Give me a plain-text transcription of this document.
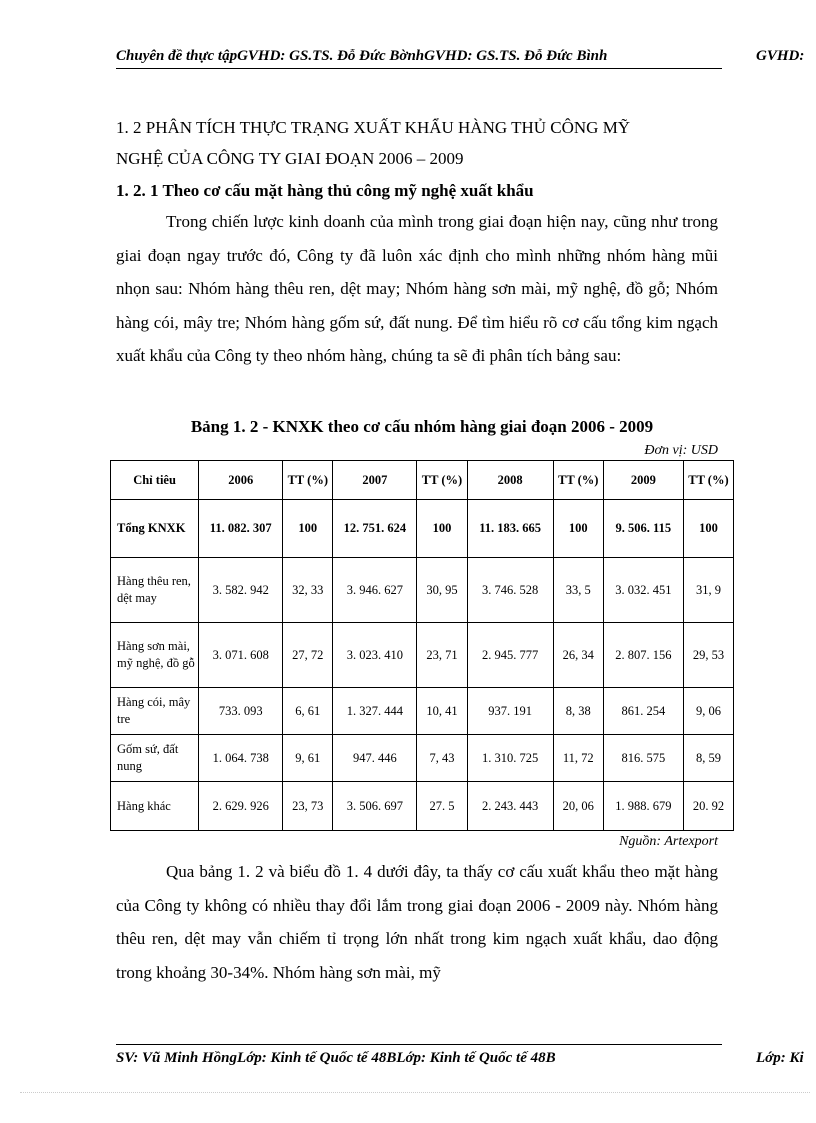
Chuyên đề thực tậpGVHD: GS.TS. Đỗ Đức BờnhGVHD: GS.TS. Đỗ Đức Bình	GVHD:
1. 2 PHÂN TÍCH THỰC TRẠNG XUẤT KHẨU HÀNG THỦ CÔNG MỸ
NGHỆ CỦA CÔNG TY GIAI ĐOẠN 2006 – 2009
1. 2. 1 Theo cơ cấu mặt hàng thủ công mỹ nghệ xuất khẩu
Trong chiến lược kinh doanh của mình trong giai đoạn hiện nay, cũng như trong giai đoạn ngay trước đó, Công ty đã luôn xác định cho mình những nhóm hàng mũi nhọn sau: Nhóm hàng thêu ren, dệt may; Nhóm hàng sơn mài, mỹ nghệ, đồ gỗ; Nhóm hàng cói, mây tre; Nhóm hàng gốm sứ, đất nung. Để tìm hiểu rõ cơ cấu tổng kim ngạch xuất khẩu của Công ty theo nhóm hàng, chúng ta sẽ đi phân tích bảng sau:
Bảng 1. 2 - KNXK theo cơ cấu nhóm hàng giai đoạn 2006 - 2009
Đơn vị: USD
Chỉ tiêu	2006	TT (%)	2007	TT (%)	2008	TT (%)	2009	TT (%)
Tổng KNXK	11. 082. 307	100	12. 751. 624	100	11. 183. 665	100	9. 506. 115	100
Hàng thêu ren, dệt may	3. 582. 942	32, 33	3. 946. 627	30, 95	3. 746. 528	33, 5	3. 032. 451	31, 9
Hàng sơn mài, mỹ nghệ, đồ gỗ	3. 071. 608	27, 72	3. 023. 410	23, 71	2. 945. 777	26, 34	2. 807. 156	29, 53
Hàng cói, mây tre	733. 093	6, 61	1. 327. 444	10, 41	937. 191	8, 38	861. 254	9, 06
Gốm sứ, đất nung	1. 064. 738	9, 61	947. 446	7, 43	1. 310. 725	11, 72	816. 575	8, 59
Hàng khác	2. 629. 926	23, 73	3. 506. 697	27. 5	2. 243. 443	20, 06	1. 988. 679	20. 92
Nguồn: Artexport
Qua bảng 1. 2 và biểu đồ 1. 4 dưới đây, ta thấy cơ cấu xuất khẩu theo mặt hàng của Công ty không có nhiều thay đổi lắm trong giai đoạn 2006 - 2009 này. Nhóm hàng thêu ren, dệt may vẫn chiếm tỉ trọng lớn nhất trong kim ngạch xuất khẩu, dao động trong khoảng 30-34%. Nhóm hàng sơn mài, mỹ
SV: Vũ Minh HồngLớp: Kinh tế Quốc tế 48BLớp: Kinh tế Quốc tế 48B	Lớp: Ki
